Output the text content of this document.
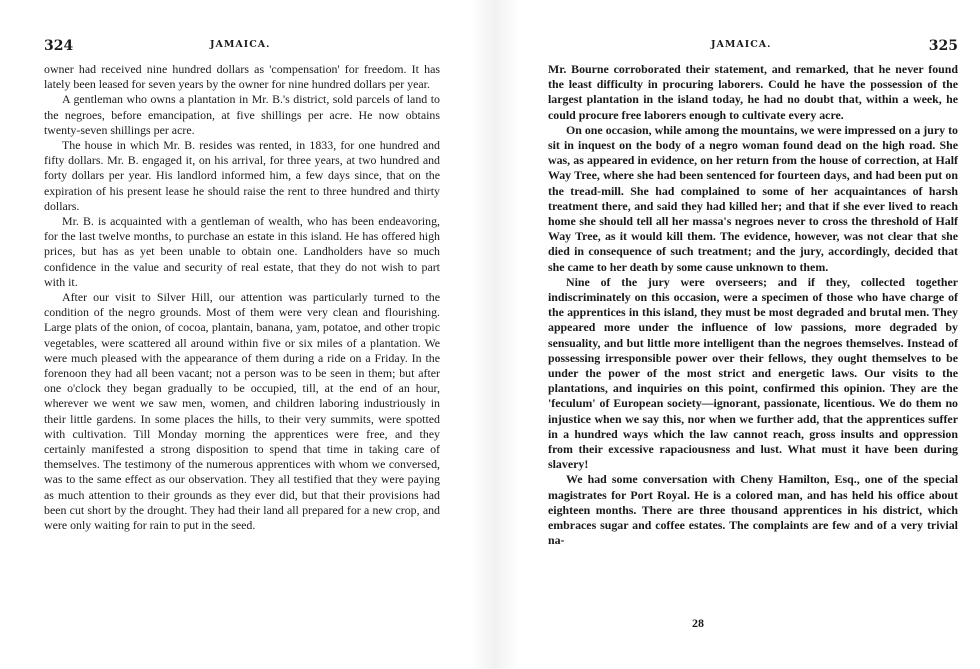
324	JAMAICA.

owner had received nine hundred dollars as 'compensation' for freedom. It has lately been leased for seven years by the owner for nine hundred dollars per year.

A gentleman who owns a plantation in Mr. B.'s district, sold parcels of land to the negroes, before emancipation, at five shillings per acre. He now obtains twenty-seven shillings per acre.

The house in which Mr. B. resides was rented, in 1833, for one hundred and fifty dollars. Mr. B. engaged it, on his arrival, for three years, at two hundred and forty dollars per year. His landlord informed him, a few days since, that on the expiration of his present lease he should raise the rent to three hundred and thirty dollars.

Mr. B. is acquainted with a gentleman of wealth, who has been endeavoring, for the last twelve months, to purchase an estate in this island. He has offered high prices, but has as yet been unable to obtain one. Landholders have so much confidence in the value and security of real estate, that they do not wish to part with it.

After our visit to Silver Hill, our attention was particularly turned to the condition of the negro grounds. Most of them were very clean and flourishing. Large plats of the onion, of cocoa, plantain, banana, yam, potatoe, and other tropic vegetables, were scattered all around within five or six miles of a plantation. We were much pleased with the appearance of them during a ride on a Friday. In the forenoon they had all been vacant; not a person was to be seen in them; but after one o'clock they began gradually to be occupied, till, at the end of an hour, wherever we went we saw men, women, and children laboring industriously in their little gardens. In some places the hills, to their very summits, were spotted with cultivation. Till Monday morning the apprentices were free, and they certainly manifested a strong disposition to spend that time in taking care of themselves. The testimony of the numerous apprentices with whom we conversed, was to the same effect as our observation. They all testified that they were paying as much attention to their grounds as they ever did, but that their provisions had been cut short by the drought. They had their land all prepared for a new crop, and were only waiting for rain to put in the seed.

JAMAICA.	325

Mr. Bourne corroborated their statement, and remarked, that he never found the least difficulty in procuring laborers. Could he have the possession of the largest plantation in the island today, he had no doubt that, within a week, he could procure free laborers enough to cultivate every acre.

On one occasion, while among the mountains, we were impressed on a jury to sit in inquest on the body of a negro woman found dead on the high road. She was, as appeared in evidence, on her return from the house of correction, at Half Way Tree, where she had been sentenced for fourteen days, and had been put on the tread-mill. She had complained to some of her acquaintances of harsh treatment there, and said they had killed her; and that if she ever lived to reach home she should tell all her massa's negroes never to cross the threshold of Half Way Tree, as it would kill them. The evidence, however, was not clear that she died in consequence of such treatment; and the jury, accordingly, decided that she came to her death by some cause unknown to them.

Nine of the jury were overseers; and if they, collected together indiscriminately on this occasion, were a specimen of those who have charge of the apprentices in this island, they must be most degraded and brutal men. They appeared more under the influence of low passions, more degraded by sensuality, and but little more intelligent than the negroes themselves. Instead of possessing irresponsible power over their fellows, they ought themselves to be under the power of the most strict and energetic laws. Our visits to the plantations, and inquiries on this point, confirmed this opinion. They are the 'feculum' of European society—ignorant, passionate, licentious. We do them no injustice when we say this, nor when we further add, that the apprentices suffer in a hundred ways which the law cannot reach, gross insults and oppression from their excessive rapaciousness and lust. What must it have been during slavery!

We had some conversation with Cheny Hamilton, Esq., one of the special magistrates for Port Royal. He is a colored man, and has held his office about eighteen months. There are three thousand apprentices in his district, which embraces sugar and coffee estates. The complaints are few and of a very trivial na-

28
